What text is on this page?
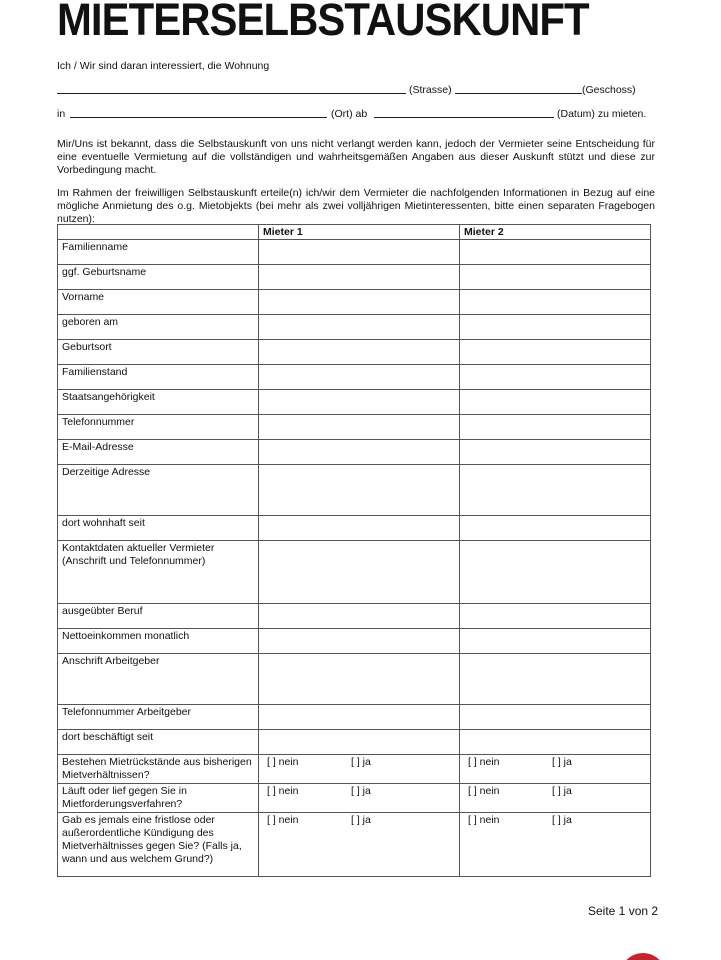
MIETERSELBSTAUSKUNFT
Ich / Wir sind daran interessiert, die Wohnung
(Strasse)	(Geschoss)
in	(Ort) ab	(Datum) zu mieten.
Mir/Uns ist bekannt, dass die Selbstauskunft von uns nicht verlangt werden kann, jedoch der Vermieter seine Entscheidung für eine eventuelle Vermietung auf die vollständigen und wahrheitsgemäßen Angaben aus dieser Auskunft stützt und diese zur Vorbedingung macht.
Im Rahmen der freiwilligen Selbstauskunft erteile(n) ich/wir dem Vermieter die nachfolgenden Informationen in Bezug auf eine mögliche Anmietung des o.g. Mietobjekts (bei mehr als zwei volljährigen Mietinteressenten, bitte einen separaten Fragebogen nutzen):
	Mieter 1	Mieter 2
Familienname		
ggf. Geburtsname		
Vorname		
geboren am		
Geburtsort		
Familienstand		
Staatsangehörigkeit		
Telefonnummer		
E-Mail-Adresse		
Derzeitige Adresse		
dort wohnhaft seit		
Kontaktdaten aktueller Vermieter (Anschrift und Telefonnummer)		
ausgeübter Beruf		
Nettoeinkommen monatlich		
Anschrift Arbeitgeber		
Telefonnummer Arbeitgeber		
dort beschäftigt seit		
Bestehen Mietrückstände aus bisherigen Mietverhältnissen?	[ ] nein [ ] ja	[ ] nein [ ] ja
Läuft oder lief gegen Sie in Mietforderungsverfahren?	[ ] nein [ ] ja	[ ] nein [ ] ja
Gab es jemals eine fristlose oder außerordentliche Kündigung des Mietverhältnisses gegen Sie? (Falls ja, wann und aus welchem Grund?)	[ ] nein [ ] ja	[ ] nein [ ] ja
Seite 1 von 2
